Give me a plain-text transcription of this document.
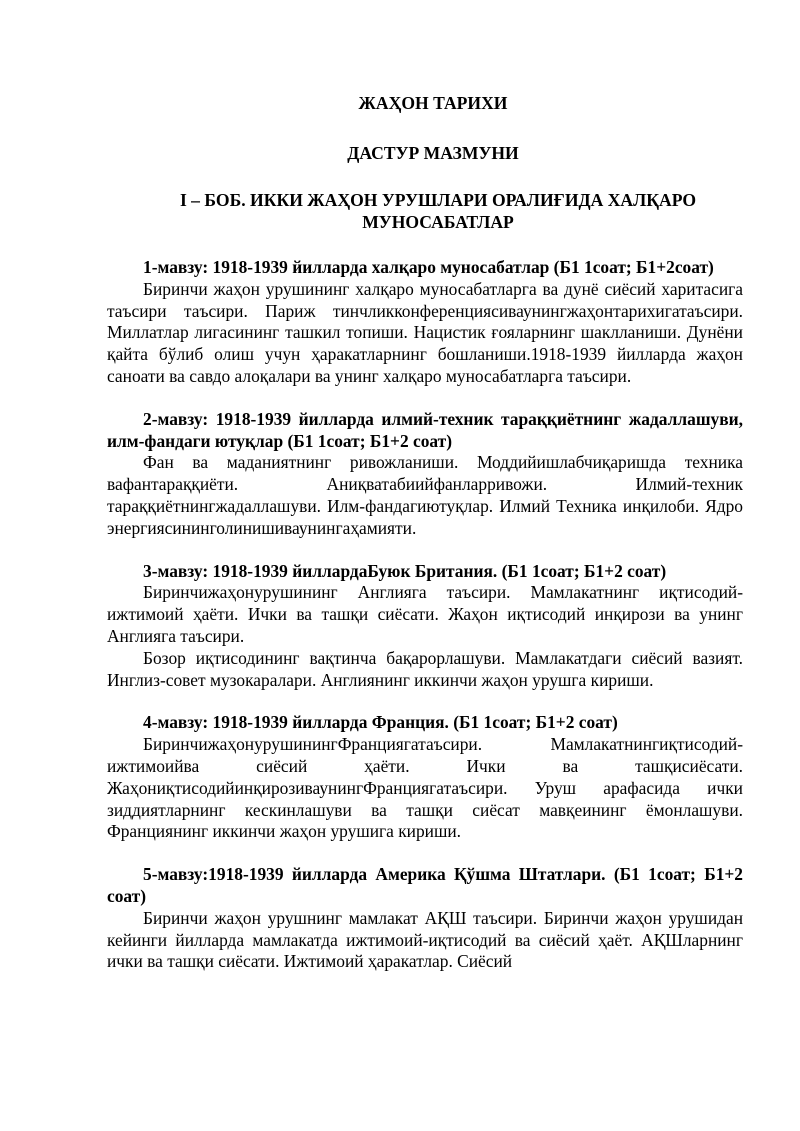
ЖАҲОН ТАРИХИ

ДАСТУР МАЗМУНИ

I – БОБ. ИККИ ЖАҲОН УРУШЛАРИ ОРАЛИҒИДА ХАЛҚАРО МУНОСАБАТЛАР

1-мавзу: 1918-1939 йилларда халқаро муносабатлар (Б1 1соат; Б1+2соат)

Биринчи жаҳон урушининг халқаро муносабатларга ва дунё сиёсий харитасига таъсири таъсири. Париж тинчликконференциясиваунингжаҳонтарихигатаъсири. Миллатлар лигасининг ташкил топиши. Нацистик ғояларнинг шаклланиши. Дунёни қайта бўлиб олиш учун ҳаракатларнинг бошланиши.1918-1939 йилларда жаҳон саноати ва савдо алоқалари ва унинг халқаро муносабатларга таъсири.

2-мавзу: 1918-1939 йилларда илмий-техник тараққиётнинг жадаллашуви, илм-фандаги ютуқлар (Б1 1соат; Б1+2 соат)

Фан ва маданиятнинг ривожланиши. Моддийишлабчиқаришда техника вафантараққиёти. Аниқватабиийфанларривожи. Илмий-техник тараққиётнингжадаллашуви. Илм-фандагиютуқлар. Илмий Техника инқилоби. Ядро энергиясининголинишиваунингаҳамияти.

3-мавзу: 1918-1939 йиллардаБуюк Британия. (Б1 1соат; Б1+2 соат)

Биринчижаҳонурушининг Англияга таъсири. Мамлакатнинг иқтисодий-ижтимоий ҳаёти. Ички ва ташқи сиёсати. Жаҳон иқтисодий инқирози ва унинг Англияга таъсири.

Бозор иқтисодининг вақтинча бақарорлашуви. Мамлакатдаги сиёсий вазият. Инглиз-совет музокаралари. Англиянинг иккинчи жаҳон урушга кириши.

4-мавзу: 1918-1939 йилларда Франция. (Б1 1соат; Б1+2 соат)

БиринчижаҳонурушинингФранциягатаъсири. Мамлакатнингиқтисодий-ижтимоийва сиёсий ҳаёти. Ички ва ташқисиёсати. ЖаҳониқтисодийинқирозиваунингФранциягатаъсири. Уруш арафасида ички зиддиятларнинг кескинлашуви ва ташқи сиёсат мавқеининг ёмонлашуви. Франциянинг иккинчи жаҳон урушига кириши.

5-мавзу:1918-1939 йилларда Америка Қўшма Штатлари. (Б1 1соат; Б1+2 соат)

Биринчи жаҳон урушнинг мамлакат АҚШ таъсири. Биринчи жаҳон урушидан кейинги йилларда мамлакатда ижтимоий-иқтисодий ва сиёсий ҳаёт. АҚШларнинг ички ва ташқи сиёсати. Ижтимоий ҳаракатлар. Сиёсий
